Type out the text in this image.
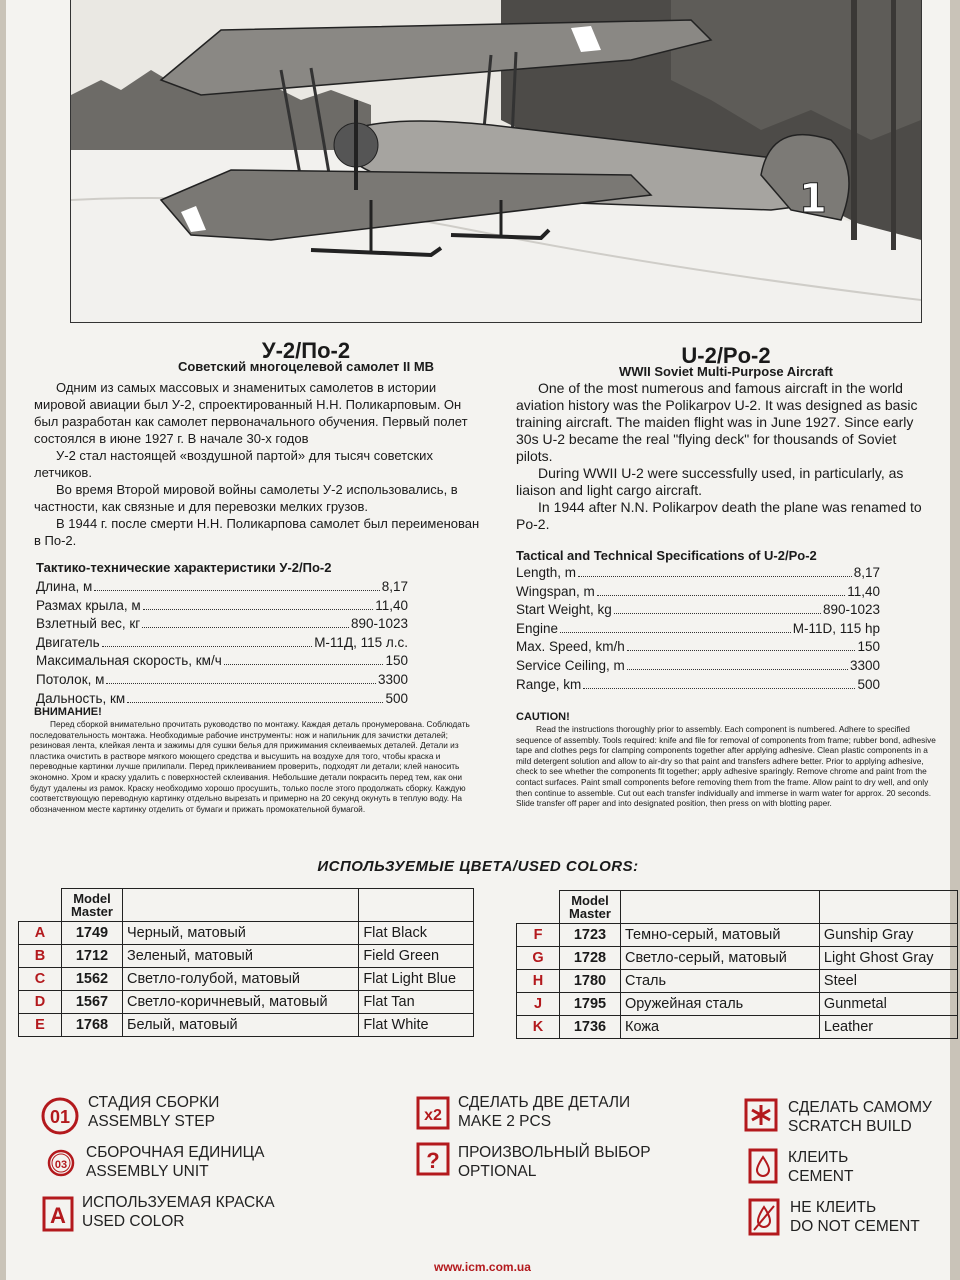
1
У-2/По-2
Советский многоцелевой самолет II МВ

Одним из самых массовых и знаменитых самолетов в истории мировой авиации был У-2, спроектированный Н.Н. Поликарповым. Он был разработан как самолет первоначального обучения. Первый полет состоялся в июне 1927 г. В начале 30-х годов

У-2 стал настоящей «воздушной партой» для тысяч советских летчиков.

Во время Второй мировой войны самолеты У-2 использовались, в частности, как связные и для перевозки мелких грузов.

В 1944 г. после смерти Н.Н. Поликарпова самолет был переименован в По-2.

Тактико-технические характеристики У-2/По-2
Длина, м	8,17
Размах крыла, м	11,40
Взлетный вес, кг	890-1023
Двигатель	М-11Д, 115 л.с.
Максимальная скорость, км/ч	150
Потолок, м	3300
Дальность, км	500
ВНИМАНИЕ!

Перед сборкой внимательно прочитать руководство по монтажу. Каждая деталь пронумерована. Соблюдать последовательность монтажа. Необходимые рабочие инструменты: нож и напильник для зачистки деталей; резиновая лента, клейкая лента и зажимы для сушки белья для прижимания склеиваемых деталей. Детали из пластика очистить в растворе мягкого моющего средства и высушить на воздухе для того, чтобы краска и переводные картинки лучше прилипали. Перед приклеиванием проверить, подходят ли детали; клей наносить экономно. Хром и краску удалить с поверхностей склеивания. Небольшие детали покрасить перед тем, как они будут удалены из рамок. Краску необходимо хорошо просушить, только после этого продолжать сборку. Каждую соответствующую переводную картинку отдельно вырезать и примерно на 20 секунд окунуть в теплую воду. На обозначенном месте картинку отделить от бумаги и прижать промокательной бумагой.

U-2/Po-2
WWII Soviet Multi-Purpose Aircraft

One of the most numerous and famous aircraft in the world aviation history was the Polikarpov U-2. It was designed as basic training aircraft. The maiden flight was in June 1927. Since early 30s U-2 became the real "flying deck" for thousands of Soviet pilots.

During WWII U-2 were successfully used, in particularly, as liaison and light cargo aircraft.

In 1944 after N.N. Polikarpov death the plane was renamed to Po-2.

Tactical and Technical Specifications of U-2/Po-2
Length, m	8,17
Wingspan, m	11,40
Start Weight, kg	890-1023
Engine	M-11D, 115 hp
Max. Speed, km/h	150
Service Ceiling, m	3300
Range, km	500
CAUTION!

Read the instructions thoroughly prior to assembly. Each component is numbered. Adhere to specified sequence of assembly. Tools required: knife and file for removal of components from frame; rubber bond, adhesive tape and clothes pegs for clamping components together after applying adhesive. Clean plastic components in a mild detergent solution and allow to air-dry so that paint and transfers adhere better. Prior to applying adhesive, check to see whether the components fit together; apply adhesive sparingly. Remove chrome and paint from the contact surfaces. Paint small components before removing them from the frame. Allow paint to dry well, and only then continue to assemble. Cut out each transfer individually and immerse in warm water for approx. 20 seconds. Slide transfer off paper and into designated position, then press on with blotting paper.

ИСПОЛЬЗУЕМЫЕ ЦВЕТА/USED COLORS:
	Model Master		
A	1749	Черный, матовый	Flat Black
B	1712	Зеленый, матовый	Field Green
C	1562	Светло-голубой, матовый	Flat Light Blue
D	1567	Светло-коричневый, матовый	Flat Tan
E	1768	Белый, матовый	Flat White
	Model Master		
F	1723	Темно-серый, матовый	Gunship Gray
G	1728	Светло-серый, матовый	Light Ghost Gray
H	1780	Сталь	Steel
J	1795	Оружейная сталь	Gunmetal
K	1736	Кожа	Leather
01
СТАДИЯ СБОРКИ
ASSEMBLY STEP
03
СБОРОЧНАЯ ЕДИНИЦА
ASSEMBLY UNIT
A
ИСПОЛЬЗУЕМАЯ КРАСКА
USED COLOR
x2
СДЕЛАТЬ ДВЕ ДЕТАЛИ
MAKE 2 PCS
? ПРОИЗВОЛЬНЫЙ ВЫБОР
OPTIONAL
СДЕЛАТЬ САМОМУ
SCRATCH BUILD
КЛЕИТЬ
CEMENT
НЕ КЛЕИТЬ
DO NOT CEMENT
www.icm.com.ua
